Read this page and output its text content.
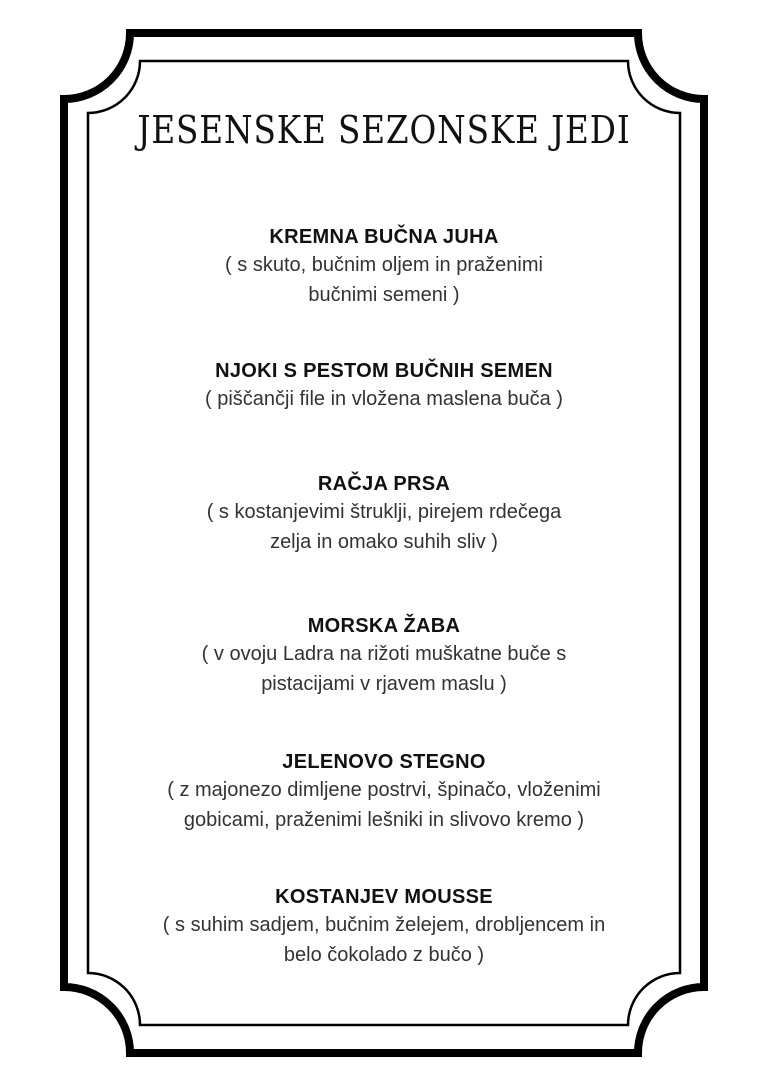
JESENSKE SEZONSKE JEDI
KREMNA BUČNA JUHA
( s skuto, bučnim oljem in praženimi
bučnimi semeni )
NJOKI S PESTOM BUČNIH SEMEN
( piščančji file in vložena maslena buča )
RAČJA PRSA
( s kostanjevimi štruklji, pirejem rdečega
zelja in omako suhih sliv )
MORSKA ŽABA
( v ovoju Ladra na rižoti muškatne buče s
pistacijami v rjavem maslu )
JELENOVO STEGNO
( z majonezo dimljene postrvi, špinačo, vloženimi
gobicami, praženimi lešniki in slivovo kremo )
KOSTANJEV MOUSSE
( s suhim sadjem, bučnim želejem, drobljencem in
belo čokolado z bučo )
